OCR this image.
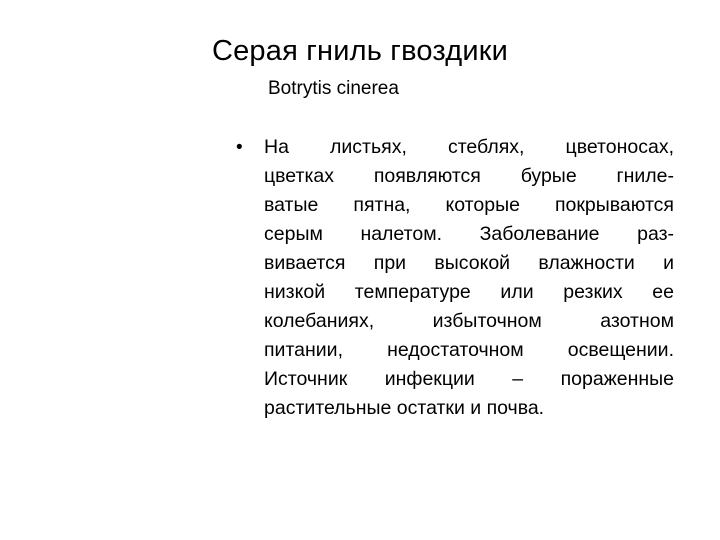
Серая гниль гвоздики

Botrytis cinerea

• На листьях, стеблях, цветоносах,
цветках появляются бурые гниле-
ватые пятна, которые покрываются
серым налетом. Заболевание раз-
вивается при высокой влажности и
низкой температуре или резких ее
колебаниях, избыточном азотном
питании, недостаточном освещении.
Источник инфекции – пораженные
растительные остатки и почва.
